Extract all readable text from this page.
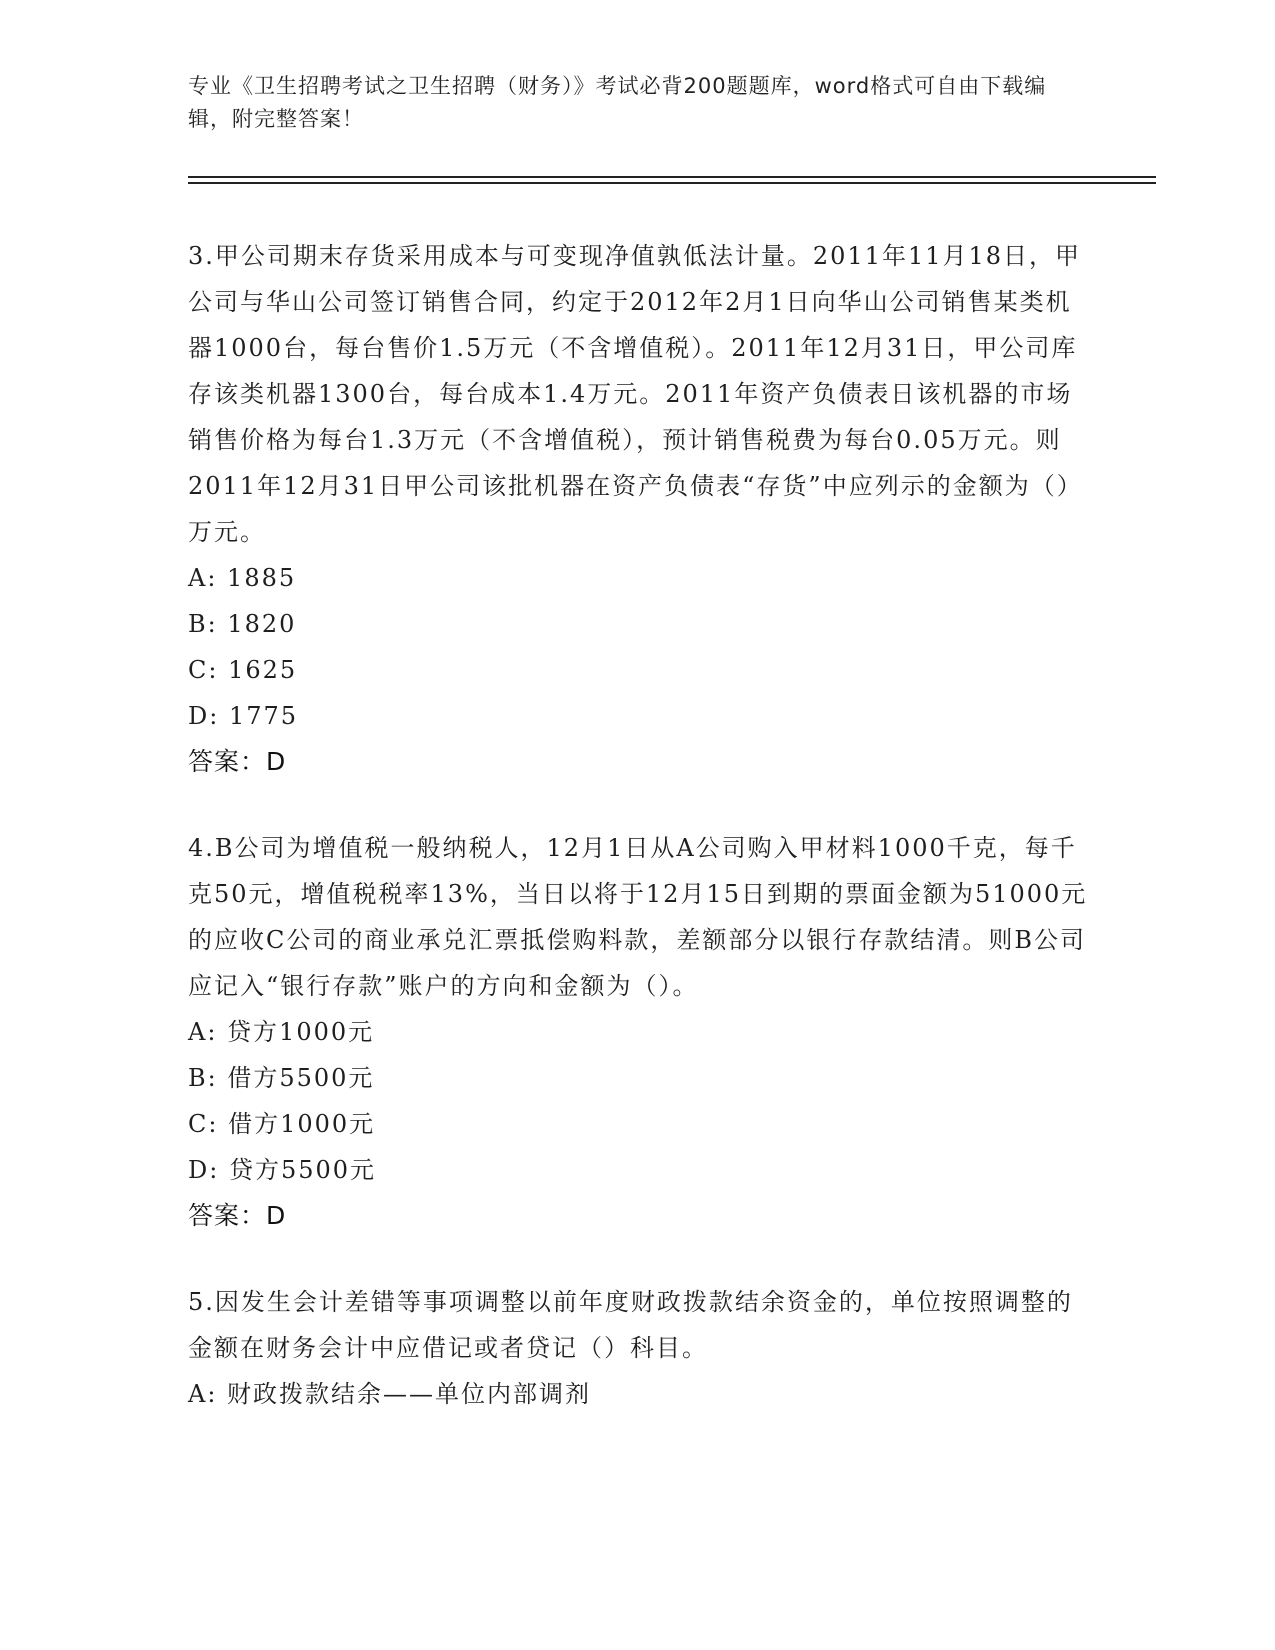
专业《卫生招聘考试之卫生招聘（财务）》考试必背200题题库，word格式可自由下载编辑，附完整答案！

3.甲公司期末存货采用成本与可变现净值孰低法计量。2011年11月18日，甲公司与华山公司签订销售合同，约定于2012年2月1日向华山公司销售某类机器1000台，每台售价1.5万元（不含增值税）。2011年12月31日，甲公司库存该类机器1300台，每台成本1.4万元。2011年资产负债表日该机器的市场销售价格为每台1.3万元（不含增值税），预计销售税费为每台0.05万元。则2011年12月31日甲公司该批机器在资产负债表“存货”中应列示的金额为（）万元。

A: 1885

B: 1820

C: 1625

D: 1775

答案：D

4.B公司为增值税一般纳税人，12月1日从A公司购入甲材料1000千克，每千克50元，增值税税率13%，当日以将于12月15日到期的票面金额为51000元的应收C公司的商业承兑汇票抵偿购料款，差额部分以银行存款结清。则B公司应记入“银行存款”账户的方向和金额为（）。

A: 贷方1000元

B: 借方5500元

C: 借方1000元

D: 贷方5500元

答案：D

5.因发生会计差错等事项调整以前年度财政拨款结余资金的，单位按照调整的金额在财务会计中应借记或者贷记（）科目。

A: 财政拨款结余——单位内部调剂
